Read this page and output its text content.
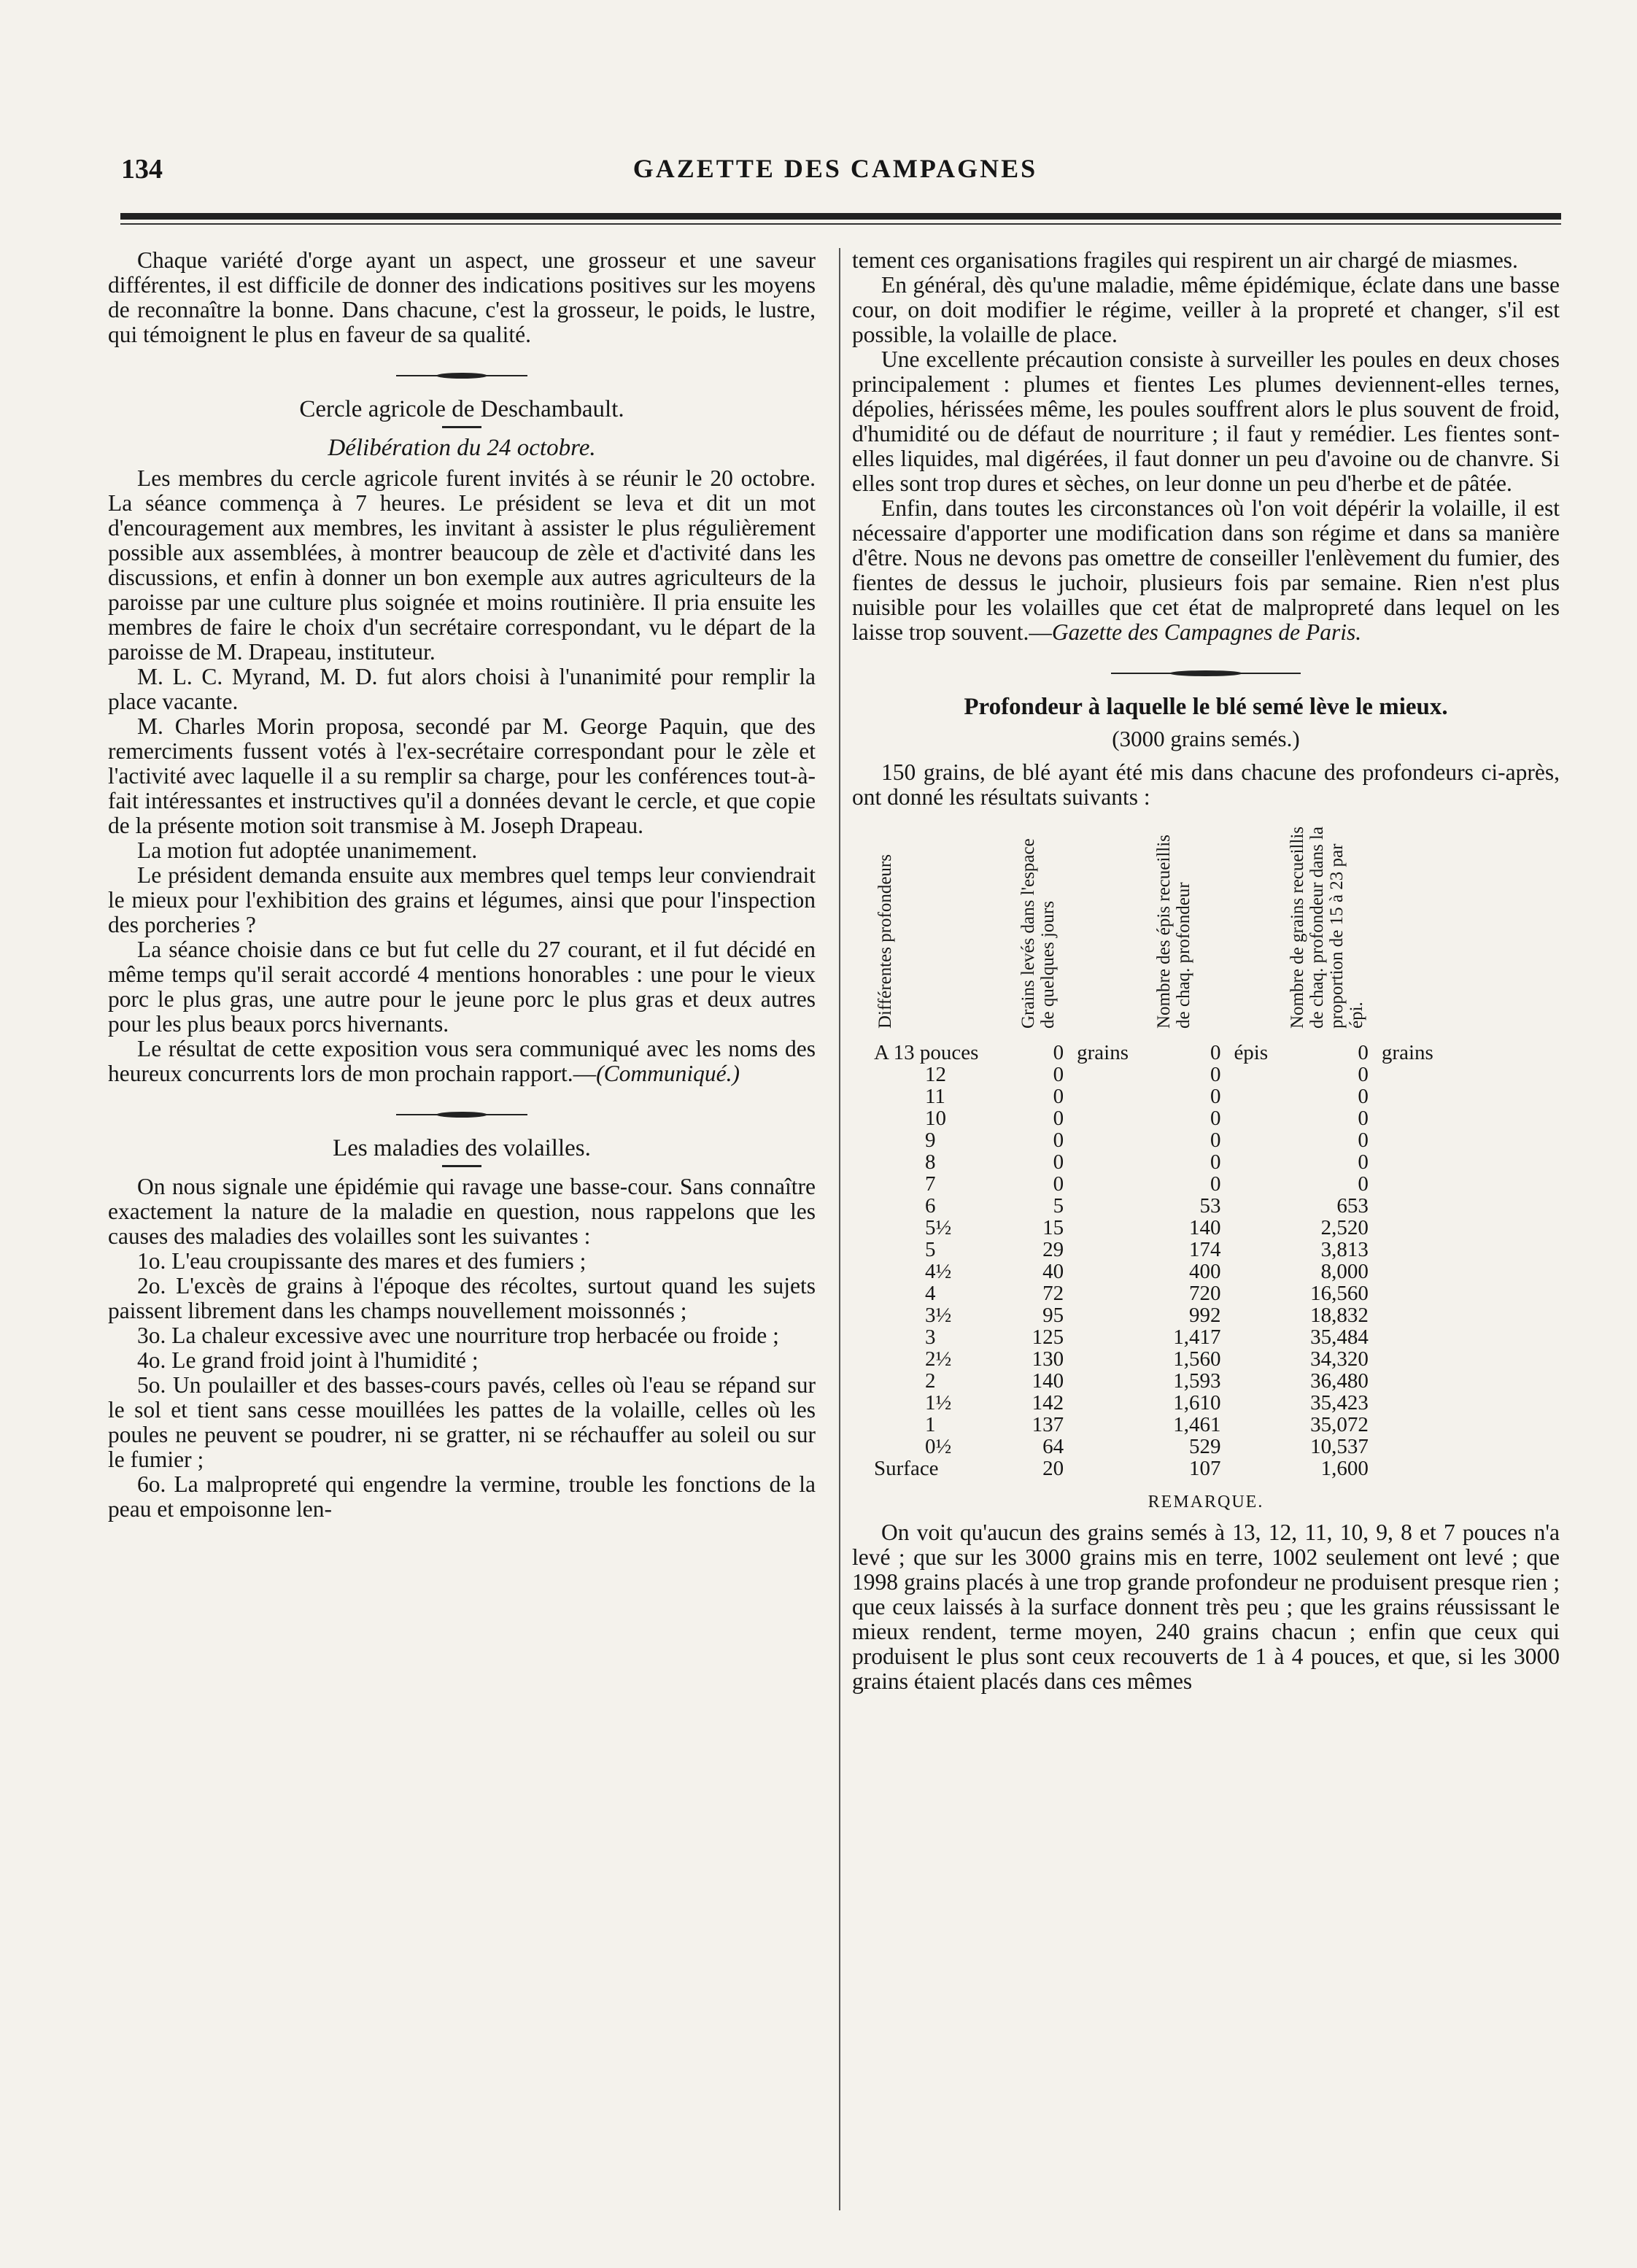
134	GAZETTE DES CAMPAGNES

Chaque variété d'orge ayant un aspect, une grosseur et une saveur différentes, il est difficile de donner des indications positives sur les moyens de reconnaître la bonne. Dans chacune, c'est la grosseur, le poids, le lustre, qui témoignent le plus en faveur de sa qualité.

Cercle agricole de Deschambault.
Délibération du 24 octobre.

Les membres du cercle agricole furent invités à se réunir le 20 octobre. La séance commença à 7 heures. Le président se leva et dit un mot d'encouragement aux membres, les invitant à assister le plus régulièrement possible aux assemblées, à montrer beaucoup de zèle et d'activité dans les discussions, et enfin à donner un bon exemple aux autres agriculteurs de la paroisse par une culture plus soignée et moins routinière. Il pria ensuite les membres de faire le choix d'un secrétaire correspondant, vu le départ de la paroisse de M. Drapeau, instituteur.

M. L. C. Myrand, M. D. fut alors choisi à l'unanimité pour remplir la place vacante.

M. Charles Morin proposa, secondé par M. George Paquin, que des remerciments fussent votés à l'ex-secrétaire correspondant pour le zèle et l'activité avec laquelle il a su remplir sa charge, pour les conférences tout-à-fait intéressantes et instructives qu'il a données devant le cercle, et que copie de la présente motion soit transmise à M. Joseph Drapeau.

La motion fut adoptée unanimement.

Le président demanda ensuite aux membres quel temps leur conviendrait le mieux pour l'exhibition des grains et légumes, ainsi que pour l'inspection des porcheries ?

La séance choisie dans ce but fut celle du 27 courant, et il fut décidé en même temps qu'il serait accordé 4 mentions honorables : une pour le vieux porc le plus gras, une autre pour le jeune porc le plus gras et deux autres pour les plus beaux porcs hivernants.

Le résultat de cette exposition vous sera communiqué avec les noms des heureux concurrents lors de mon prochain rapport.—(Communiqué.)

Les maladies des volailles.

On nous signale une épidémie qui ravage une basse-cour. Sans connaître exactement la nature de la maladie en question, nous rappelons que les causes des maladies des volailles sont les suivantes :

1o. L'eau croupissante des mares et des fumiers ;

2o. L'excès de grains à l'époque des récoltes, surtout quand les sujets paissent librement dans les champs nouvellement moissonnés ;

3o. La chaleur excessive avec une nourriture trop herbacée ou froide ;

4o. Le grand froid joint à l'humidité ;

5o. Un poulailler et des basses-cours pavés, celles où l'eau se répand sur le sol et tient sans cesse mouillées les pattes de la volaille, celles où les poules ne peuvent se poudrer, ni se gratter, ni se réchauffer au soleil ou sur le fumier ;

6o. La malpropreté qui engendre la vermine, trouble les fonctions de la peau et empoisonne len-

tement ces organisations fragiles qui respirent un air chargé de miasmes.

En général, dès qu'une maladie, même épidémique, éclate dans une basse cour, on doit modifier le régime, veiller à la propreté et changer, s'il est possible, la volaille de place.

Une excellente précaution consiste à surveiller les poules en deux choses principalement : plumes et fientes Les plumes deviennent-elles ternes, dépolies, hérissées même, les poules souffrent alors le plus souvent de froid, d'humidité ou de défaut de nourriture ; il faut y remédier. Les fientes sont-elles liquides, mal digérées, il faut donner un peu d'avoine ou de chanvre. Si elles sont trop dures et sèches, on leur donne un peu d'herbe et de pâtée.

Enfin, dans toutes les circonstances où l'on voit dépérir la volaille, il est nécessaire d'apporter une modification dans son régime et dans sa manière d'être. Nous ne devons pas omettre de conseiller l'enlèvement du fumier, des fientes de dessus le juchoir, plusieurs fois par semaine. Rien n'est plus nuisible pour les volailles que cet état de malpropreté dans lequel on les laisse trop souvent.—Gazette des Campagnes de Paris.

Profondeur à laquelle le blé semé lève le mieux.
(3000 grains semés.)

150 grains, de blé ayant été mis dans chacune des profondeurs ci-après, ont donné les résultats suivants :

Différentes profondeurs	Grains levés dans l'espace de quelques jours		Nombre des épis recueillis de chaq. profondeur		Nombre de grains recueillis de chaq. profondeur dans la proportion de 15 à 23 par épi.	
A 13 pouces	0	grains	0	épis	0	grains
12	0		0		0	
11	0		0		0	
10	0		0		0	
9	0		0		0	
8	0		0		0	
7	0		0		0	
6	5		53		653	
5½	15		140		2,520	
5	29		174		3,813	
4½	40		400		8,000	
4	72		720		16,560	
3½	95		992		18,832	
3	125		1,417		35,484	
2½	130		1,560		34,320	
2	140		1,593		36,480	
1½	142		1,610		35,423	
1	137		1,461		35,072	
0½	64		529		10,537	
Surface	20		107		1,600	
REMARQUE.

On voit qu'aucun des grains semés à 13, 12, 11, 10, 9, 8 et 7 pouces n'a levé ; que sur les 3000 grains mis en terre, 1002 seulement ont levé ; que 1998 grains placés à une trop grande profondeur ne produisent presque rien ; que ceux laissés à la surface donnent très peu ; que les grains réussissant le mieux rendent, terme moyen, 240 grains chacun ; enfin que ceux qui produisent le plus sont ceux recouverts de 1 à 4 pouces, et que, si les 3000 grains étaient placés dans ces mêmes
